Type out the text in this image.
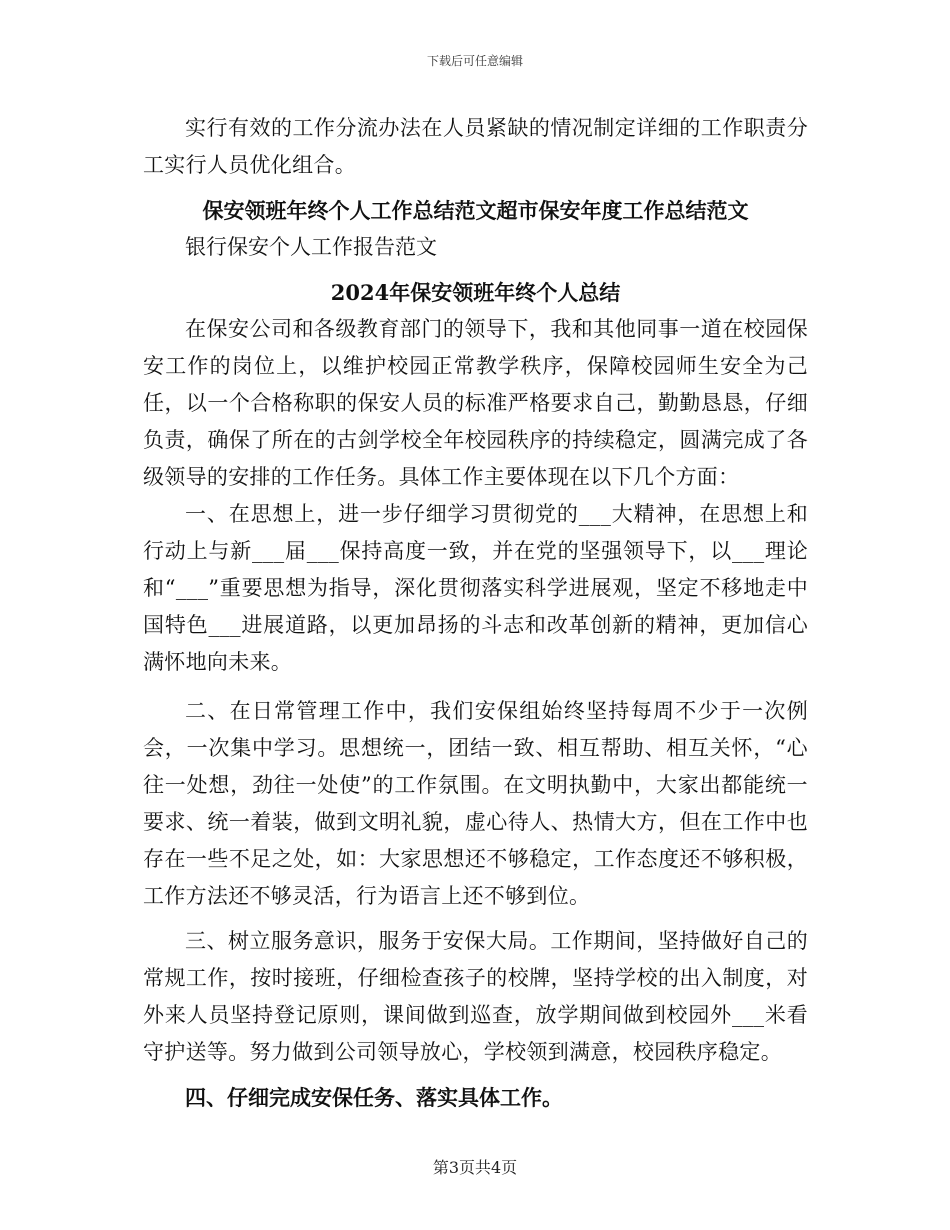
下载后可任意编辑

实行有效的工作分流办法在人员紧缺的情况制定详细的工作职责分工实行人员优化组合。

保安领班年终个人工作总结范文超市保安年度工作总结范文

银行保安个人工作报告范文

2024年保安领班年终个人总结

在保安公司和各级教育部门的领导下，我和其他同事一道在校园保安工作的岗位上，以维护校园正常教学秩序，保障校园师生安全为己任，以一个合格称职的保安人员的标准严格要求自己，勤勤恳恳，仔细负责，确保了所在的古剑学校全年校园秩序的持续稳定，圆满完成了各级领导的安排的工作任务。具体工作主要体现在以下几个方面：

一、在思想上，进一步仔细学习贯彻党的___大精神，在思想上和行动上与新___届___保持高度一致，并在党的坚强领导下，以___理论和“___”重要思想为指导，深化贯彻落实科学进展观，坚定不移地走中国特色___进展道路，以更加昂扬的斗志和改革创新的精神，更加信心满怀地向未来。

二、在日常管理工作中，我们安保组始终坚持每周不少于一次例会，一次集中学习。思想统一，团结一致、相互帮助、相互关怀，“心往一处想，劲往一处使”的工作氛围。在文明执勤中，大家出都能统一要求、统一着装，做到文明礼貌，虚心待人、热情大方，但在工作中也存在一些不足之处，如：大家思想还不够稳定，工作态度还不够积极，工作方法还不够灵活，行为语言上还不够到位。

三、树立服务意识，服务于安保大局。工作期间，坚持做好自己的常规工作，按时接班，仔细检查孩子的校牌，坚持学校的出入制度，对外来人员坚持登记原则，课间做到巡查，放学期间做到校园外___米看守护送等。努力做到公司领导放心，学校领到满意，校园秩序稳定。

四、仔细完成安保任务、落实具体工作。

第3页共4页
